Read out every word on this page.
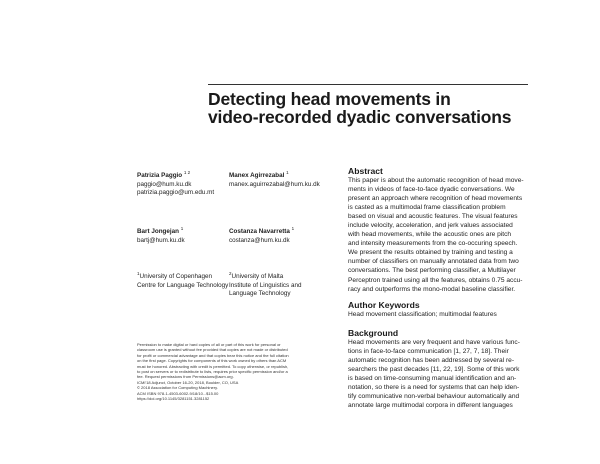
Detecting head movements in
video-recorded dyadic conversations
Patrizia Paggio $^{1 2}$
paggio@hum.ku.dk
patrizia.paggio@um.edu.mt
Manex Agirrezabal $^1$
manex.aguirrezabal@hum.ku.dk
Bart Jongejan $^1$
bartj@hum.ku.dk
Costanza Navarretta $^1$
costanza@hum.ku.dk
$^1$University of Copenhagen
Centre for Language Technology
$^2$University of Malta
Institute of Linguistics and
Language Technology
Permission to make digital or hard copies of all or part of this work for personal or
classroom use is granted without fee provided that copies are not made or distributed
for profit or commercial advantage and that copies bear this notice and the full citation
on the first page. Copyrights for components of this work owned by others than ACM
must be honored. Abstracting with credit is permitted. To copy otherwise, or republish,
to post on servers or to redistribute to lists, requires prior specific permission and/or a
fee. Request permissions from Permissions@acm.org.
ICMI'18 Adjunct, October 16-20, 2018, Boulder, CO, USA
© 2018 Association for Computing Machinery.
ACM ISBN 978-1-4503-6002-9/18/10...$15.00
https://doi.org/10.1145/3281151.3281152
Abstract
This paper is about the automatic recognition of head move-
ments in videos of face-to-face dyadic conversations. We
present an approach where recognition of head movements
is casted as a multimodal frame classification problem
based on visual and acoustic features. The visual features
include velocity, acceleration, and jerk values associated
with head movements, while the acoustic ones are pitch
and intensity measurements from the co-occuring speech.
We present the results obtained by training and testing a
number of classifiers on manually annotated data from two
conversations. The best performing classifier, a Multilayer
Perceptron trained using all the features, obtains 0.75 accu-
racy and outperforms the mono-modal baseline classifier.
Author Keywords
Head movement classification; multimodal features
Background
Head movements are very frequent and have various func-
tions in face-to-face communication [1, 27, 7, 18]. Their
automatic recognition has been addressed by several re-
searchers the past decades [11, 22, 19]. Some of this work
is based on time-consuming manual identification and an-
notation, so there is a need for systems that can help iden-
tify communicative non-verbal behaviour automatically and
annotate large multimodal corpora in different languages
